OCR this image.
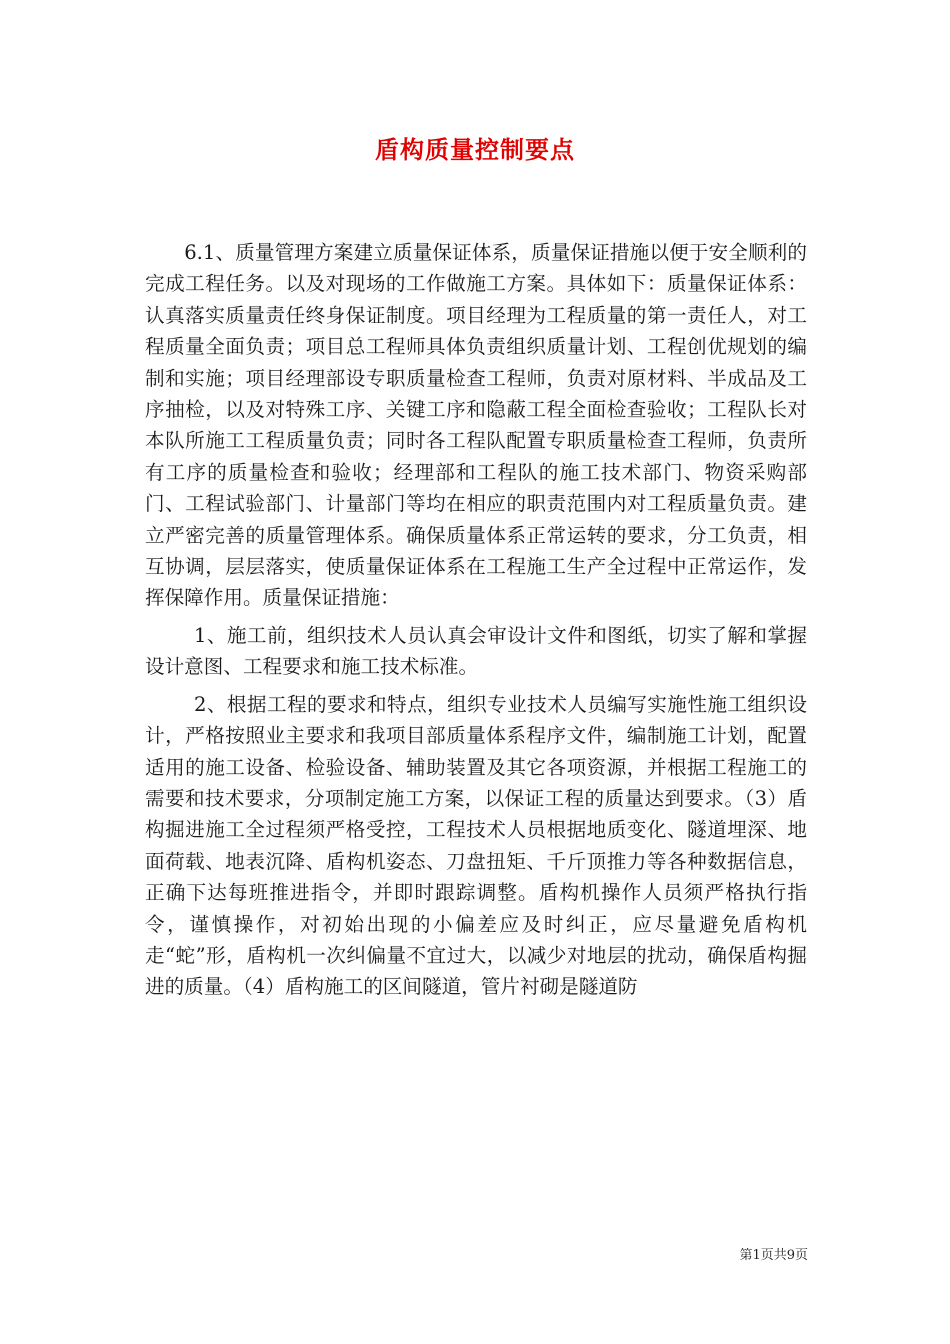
盾构质量控制要点

6.1、质量管理方案建立质量保证体系，质量保证措施以便于安全顺利的完成工程任务。以及对现场的工作做施工方案。具体如下：质量保证体系：认真落实质量责任终身保证制度。项目经理为工程质量的第一责任人，对工程质量全面负责；项目总工程师具体负责组织质量计划、工程创优规划的编制和实施；项目经理部设专职质量检查工程师，负责对原材料、半成品及工序抽检，以及对特殊工序、关键工序和隐蔽工程全面检查验收；工程队长对本队所施工工程质量负责；同时各工程队配置专职质量检查工程师，负责所有工序的质量检查和验收；经理部和工程队的施工技术部门、物资采购部门、工程试验部门、计量部门等均在相应的职责范围内对工程质量负责。建立严密完善的质量管理体系。确保质量体系正常运转的要求，分工负责，相互协调，层层落实，使质量保证体系在工程施工生产全过程中正常运作，发挥保障作用。质量保证措施：

1、施工前，组织技术人员认真会审设计文件和图纸，切实了解和掌握设计意图、工程要求和施工技术标准。

2、根据工程的要求和特点，组织专业技术人员编写实施性施工组织设计，严格按照业主要求和我项目部质量体系程序文件，编制施工计划，配置适用的施工设备、检验设备、辅助装置及其它各项资源，并根据工程施工的需要和技术要求，分项制定施工方案，以保证工程的质量达到要求。（3）盾构掘进施工全过程须严格受控，工程技术人员根据地质变化、隧道埋深、地面荷载、地表沉降、盾构机姿态、刀盘扭矩、千斤顶推力等各种数据信息，正确下达每班推进指令，并即时跟踪调整。盾构机操作人员须严格执行指令，谨慎操作，对初始出现的小偏差应及时纠正，应尽量避免盾构机走“蛇”形，盾构机一次纠偏量不宜过大，以减少对地层的扰动，确保盾构掘进的质量。（4）盾构施工的区间隧道，管片衬砌是隧道防

第1页共9页
